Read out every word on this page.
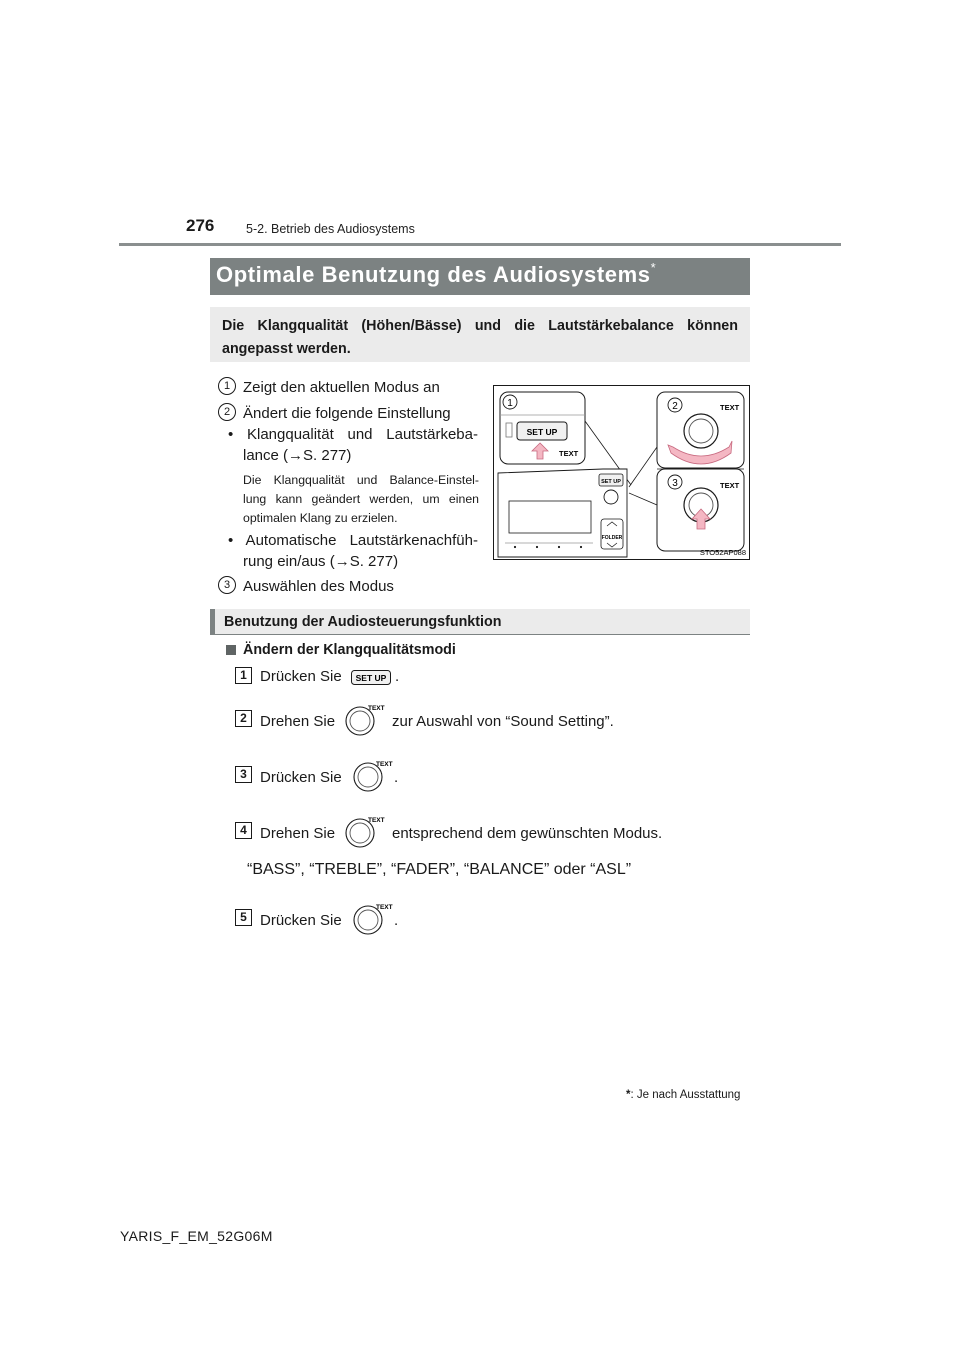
276	5-2. Betrieb des Audiosystems
Optimale Benutzung des Audiosystems*
Die Klangqualität (Höhen/Bässe) und die Lautstärkebalance können angepasst werden.
1 Zeigt den aktuellen Modus an
2 Ändert die folgende Einstellung
• Klangqualität und Lautstärkeba-
lance (→S. 277)
Die Klangqualität und Balance-Einstel-
lung kann geändert werden, um einen
optimalen Klang zu erzielen.
• Automatische Lautstärkenachfüh-
rung ein/aus (→S. 277)
3 Auswählen des Modus
1
SET UP
TEXT
2	TEXT
3	TEXT
SET UP
FOLDER
STO52AP088
Benutzung der Audiosteuerungsfunktion
Ändern der Klangqualitätsmodi
1 Drücken Sie SET UP .
2 Drehen Sie
TEXT
zur Auswahl von “Sound Setting”.
3 Drücken Sie
TEXT
.
4 Drehen Sie
TEXT
entsprechend dem gewünschten Modus.
“BASS”, “TREBLE”, “FADER”, “BALANCE” oder “ASL”
5 Drücken Sie
TEXT
.
*: Je nach Ausstattung
YARIS_F_EM_52G06M
